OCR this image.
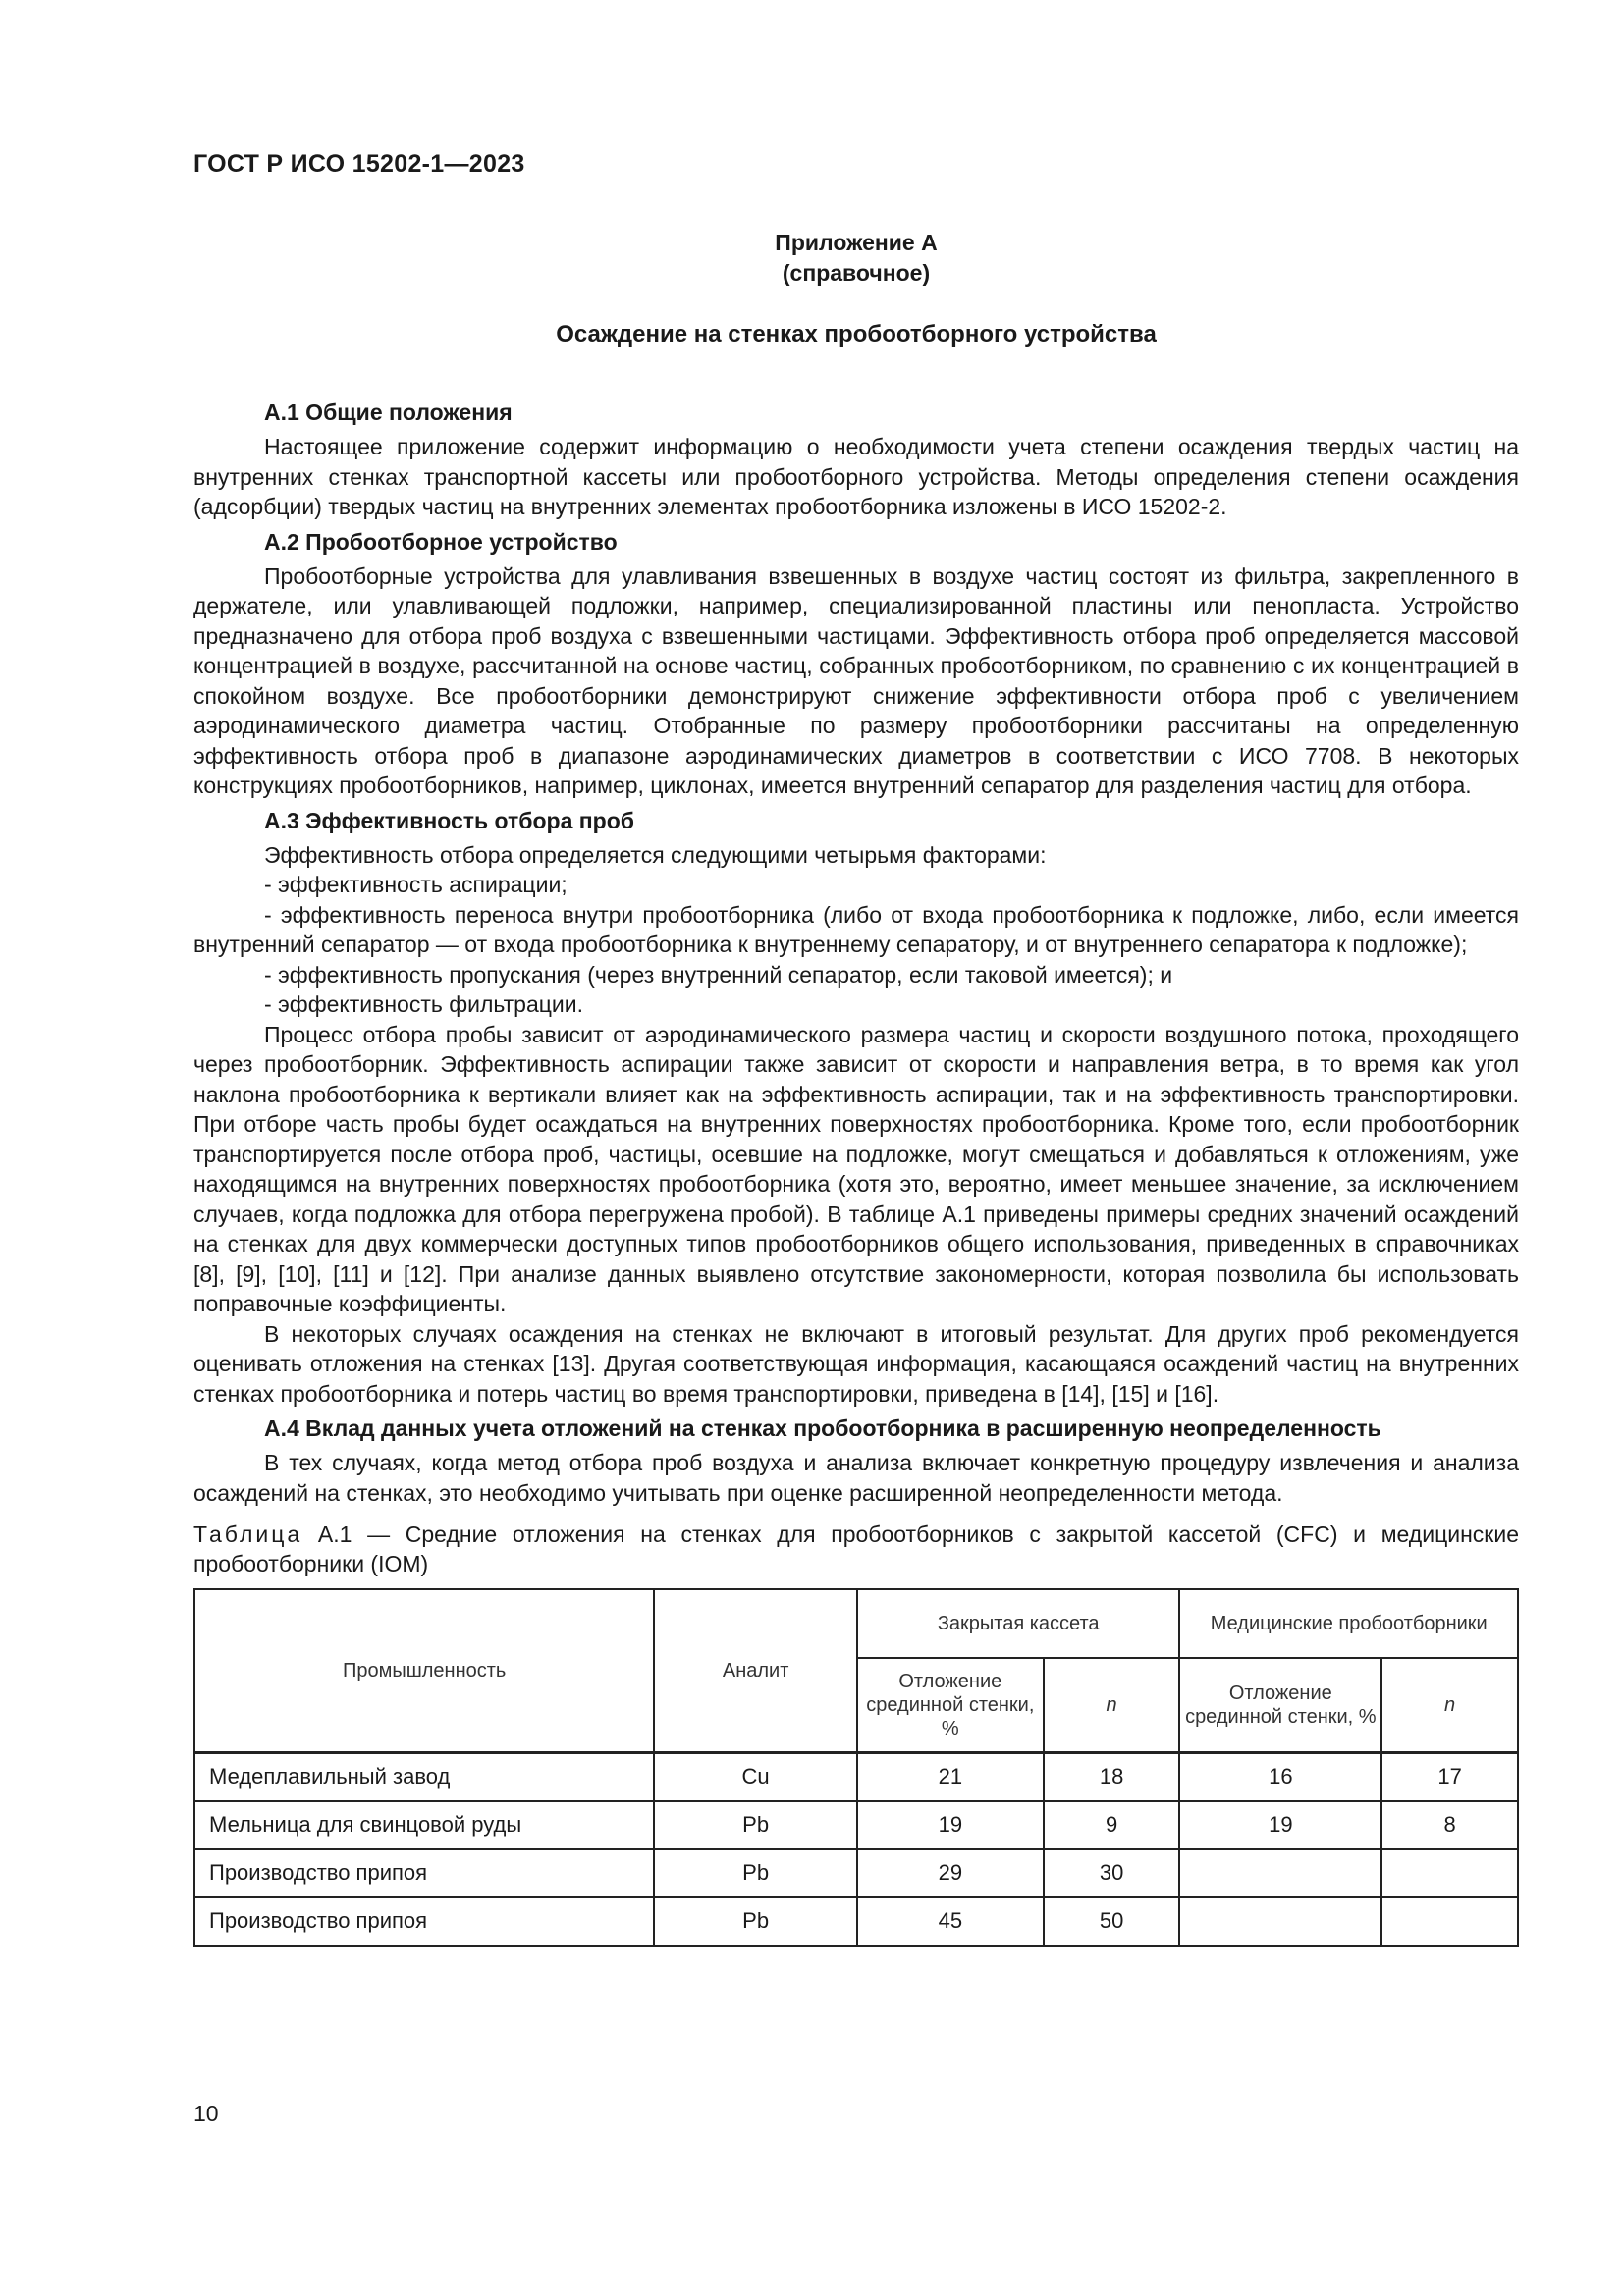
ГОСТ Р ИСО 15202-1—2023
Приложение А
(справочное)
Осаждение на стенках пробоотборного устройства
А.1 Общие положения

Настоящее приложение содержит информацию о необходимости учета степени осаждения твердых частиц на внутренних стенках транспортной кассеты или пробоотборного устройства. Методы определения степени осаждения (адсорбции) твердых частиц на внутренних элементах пробоотборника изложены в ИСО 15202-2.

А.2 Пробоотборное устройство

Пробоотборные устройства для улавливания взвешенных в воздухе частиц состоят из фильтра, закрепленного в держателе, или улавливающей подложки, например, специализированной пластины или пенопласта. Устройство предназначено для отбора проб воздуха с взвешенными частицами. Эффективность отбора проб определяется массовой концентрацией в воздухе, рассчитанной на основе частиц, собранных пробоотборником, по сравнению с их концентрацией в спокойном воздухе. Все пробоотборники демонстрируют снижение эффективности отбора проб с увеличением аэродинамического диаметра частиц. Отобранные по размеру пробоотборники рассчитаны на определенную эффективность отбора проб в диапазоне аэродинамических диаметров в соответствии с ИСО 7708. В некоторых конструкциях пробоотборников, например, циклонах, имеется внутренний сепаратор для разделения частиц для отбора.

А.3 Эффективность отбора проб

Эффективность отбора определяется следующими четырьмя факторами:

- эффективность аспирации;

- эффективность переноса внутри пробоотборника (либо от входа пробоотборника к подложке, либо, если имеется внутренний сепаратор — от входа пробоотборника к внутреннему сепаратору, и от внутреннего сепаратора к подложке);

- эффективность пропускания (через внутренний сепаратор, если таковой имеется); и

- эффективность фильтрации.

Процесс отбора пробы зависит от аэродинамического размера частиц и скорости воздушного потока, проходящего через пробоотборник. Эффективность аспирации также зависит от скорости и направления ветра, в то время как угол наклона пробоотборника к вертикали влияет как на эффективность аспирации, так и на эффективность транспортировки. При отборе часть пробы будет осаждаться на внутренних поверхностях пробоотборника. Кроме того, если пробоотборник транспортируется после отбора проб, частицы, осевшие на подложке, могут смещаться и добавляться к отложениям, уже находящимся на внутренних поверхностях пробоотборника (хотя это, вероятно, имеет меньшее значение, за исключением случаев, когда подложка для отбора перегружена пробой). В таблице А.1 приведены примеры средних значений осаждений на стенках для двух коммерчески доступных типов пробоотборников общего использования, приведенных в справочниках [8], [9], [10], [11] и [12]. При анализе данных выявлено отсутствие закономерности, которая позволила бы использовать поправочные коэффициенты.

В некоторых случаях осаждения на стенках не включают в итоговый результат. Для других проб рекомендуется оценивать отложения на стенках [13]. Другая соответствующая информация, касающаяся осаждений частиц на внутренних стенках пробоотборника и потерь частиц во время транспортировки, приведена в [14], [15] и [16].

А.4 Вклад данных учета отложений на стенках пробоотборника в расширенную неопределенность

В тех случаях, когда метод отбора проб воздуха и анализа включает конкретную процедуру извлечения и анализа осаждений на стенках, это необходимо учитывать при оценке расширенной неопределенности метода.

Таблица А.1 — Средние отложения на стенках для пробоотборников с закрытой кассетой (CFC) и медицинские пробоотборники (IOM)
Промышленность	Аналит	Закрытая кассета		Медицинские пробоотборники	
		Отложение срединной стенки, %	n	Отложение срединной стенки, %	n
Медеплавильный завод	Cu	21	18	16	17
Мельница для свинцовой руды	Pb	19	9	19	8
Производство припоя	Pb	29	30		
Производство припоя	Pb	45	50		
10
